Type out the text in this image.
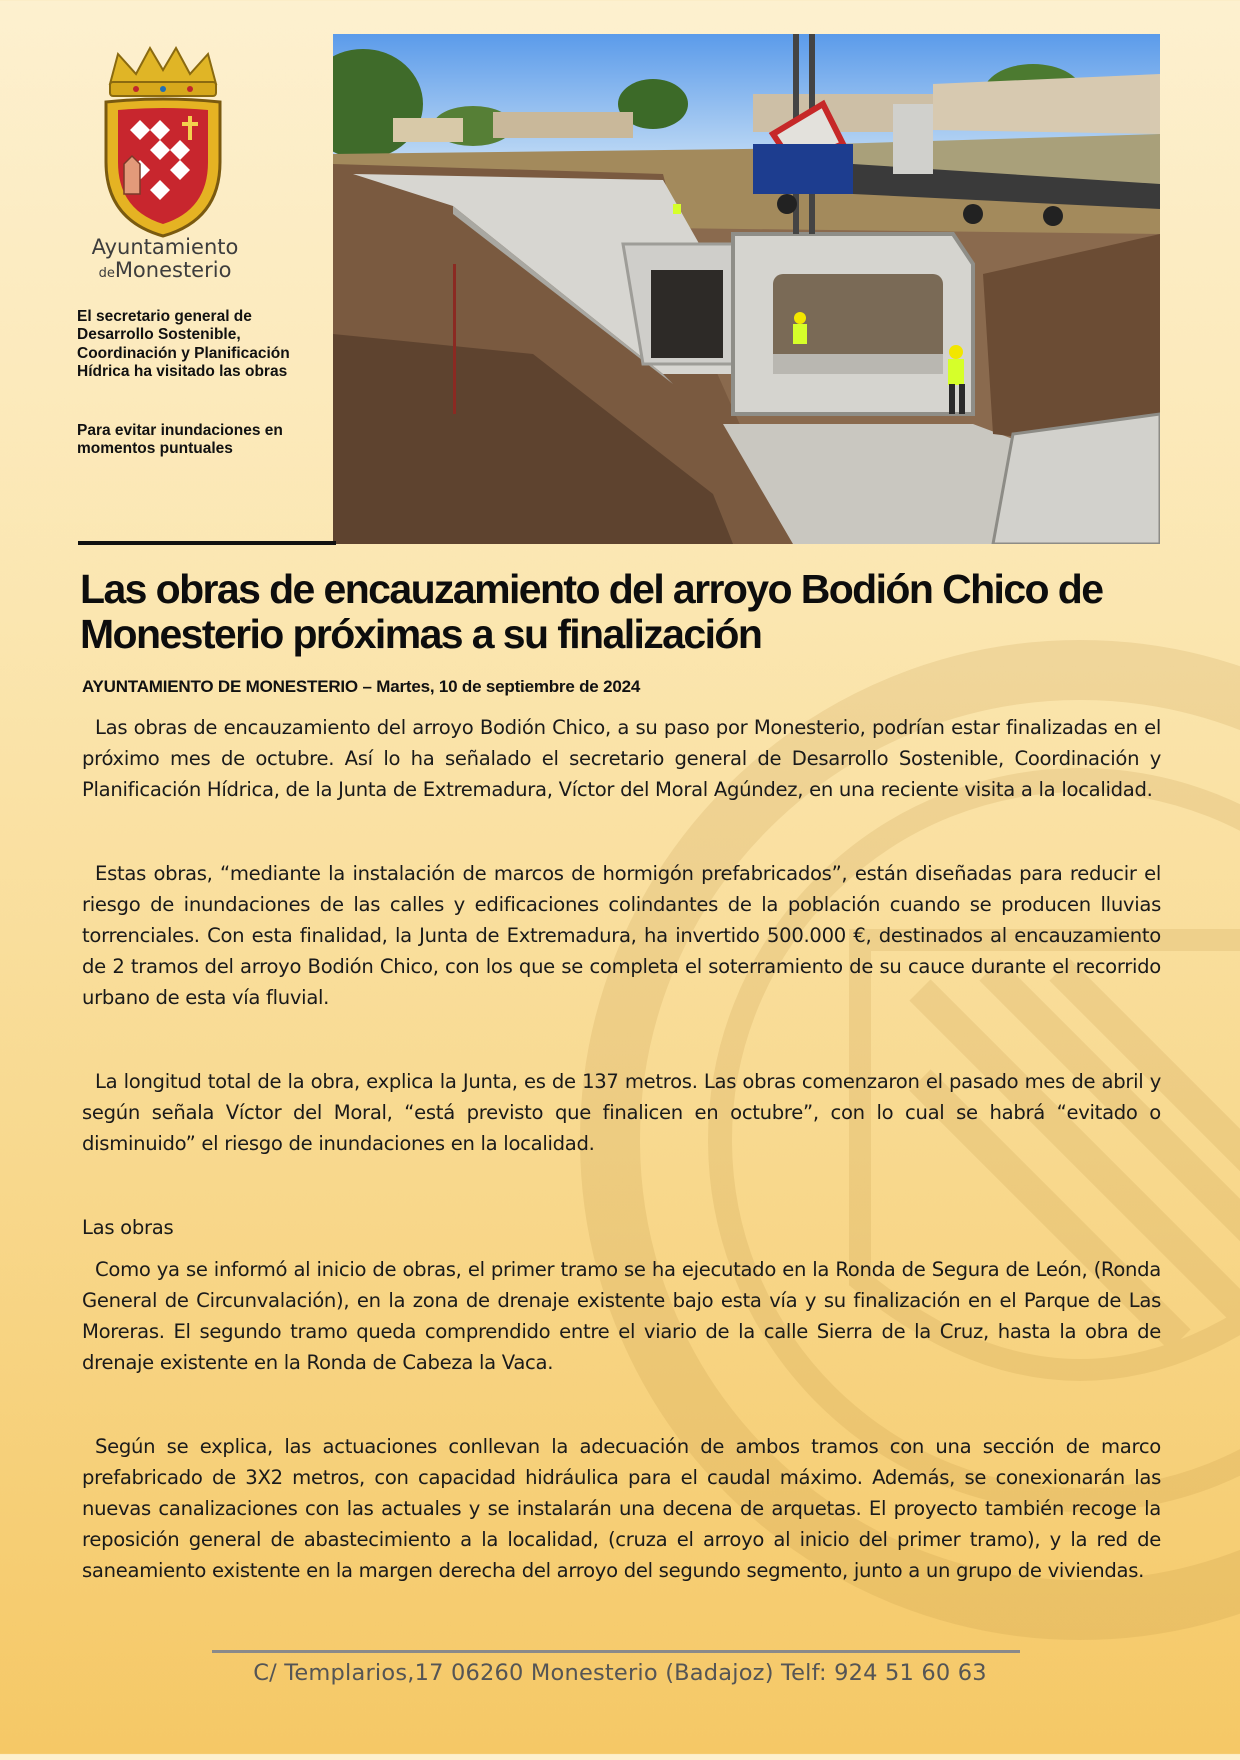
Ayuntamiento
deMonesterio

El secretario general de Desarrollo Sostenible, Coordinación y Planificación Hídrica ha visitado las obras

Para evitar inundaciones en momentos puntuales

Las obras de encauzamiento del arroyo Bodión Chico de Monesterio próximas a su finalización
AYUNTAMIENTO DE MONESTERIO – Martes, 10 de septiembre de 2024

Las obras de encauzamiento del arroyo Bodión Chico, a su paso por Monesterio, podrían estar finalizadas en el próximo mes de octubre. Así lo ha señalado el secretario general de Desarrollo Sostenible, Coordinación y Planificación Hídrica, de la Junta de Extremadura, Víctor del Moral Agúndez, en una reciente visita a la localidad.

Estas obras, “mediante la instalación de marcos de hormigón prefabricados”, están diseñadas para reducir el riesgo de inundaciones de las calles y edificaciones colindantes de la población cuando se producen lluvias torrenciales. Con esta finalidad, la Junta de Extremadura, ha invertido 500.000 €, destinados al encauzamiento de 2 tramos del arroyo Bodión Chico, con los que se completa el soterramiento de su cauce durante el recorrido urbano de esta vía fluvial.

La longitud total de la obra, explica la Junta, es de 137 metros. Las obras comenzaron el pasado mes de abril y según señala Víctor del Moral, “está previsto que finalicen en octubre”, con lo cual se habrá “evitado o disminuido” el riesgo de inundaciones en la localidad.

Las obras

Como ya se informó al inicio de obras, el primer tramo se ha ejecutado en la Ronda de Segura de León, (Ronda General de Circunvalación), en la zona de drenaje existente bajo esta vía y su finalización en el Parque de Las Moreras. El segundo tramo queda comprendido entre el viario de la calle Sierra de la Cruz, hasta la obra de drenaje existente en la Ronda de Cabeza la Vaca.

Según se explica, las actuaciones conllevan la adecuación de ambos tramos con una sección de marco prefabricado de 3X2 metros, con capacidad hidráulica para el caudal máximo. Además, se conexionarán las nuevas canalizaciones con las actuales y se instalarán una decena de arquetas. El proyecto también recoge la reposición general de abastecimiento a la localidad, (cruza el arroyo al inicio del primer tramo), y la red de saneamiento existente en la margen derecha del arroyo del segundo segmento, junto a un grupo de viviendas.

C/ Templarios,17 06260 Monesterio (Badajoz) Telf: 924 51 60 63
